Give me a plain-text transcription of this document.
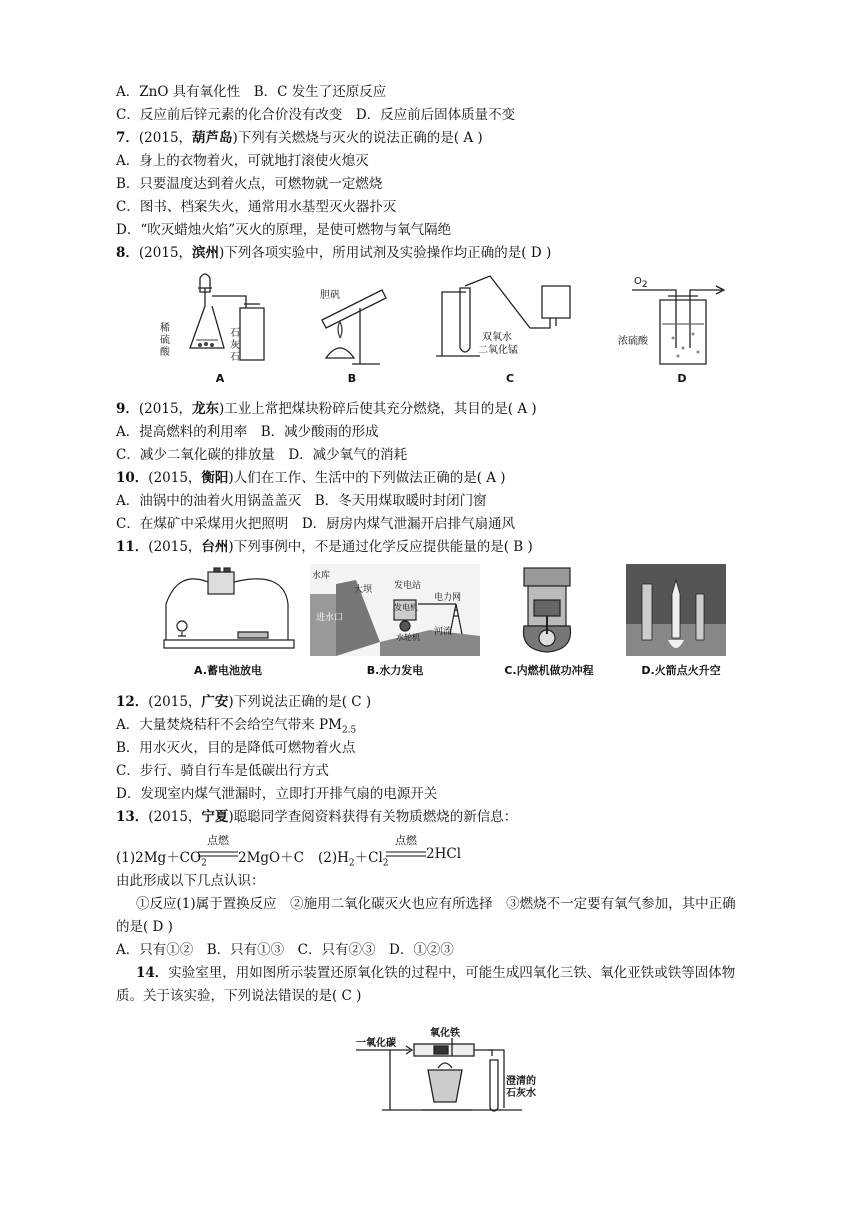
A．ZnO 具有氧化性　 B．C 发生了还原反应
C．反应前后锌元素的化合价没有改变　 D．反应前后固体质量不变
7．(2015，葫芦岛)下列有关燃烧与灭火的说法正确的是( A )
A．身上的衣物着火，可就地打滚使火熄灭
B．只要温度达到着火点，可燃物就一定燃烧
C．图书、档案失火，通常用水基型灭火器扑灭
D．“吹灭蜡烛火焰”灭火的原理，是使可燃物与氧气隔绝
8．(2015，滨州)下列各项实验中，所用试剂及实验操作均正确的是( D )
稀
硫
酸
石
灰
石
A
胆矾
B
双氧水
二氧化锰
C
$O_2$
浓硫酸
D
9．(2015，龙东)工业上常把煤块粉碎后使其充分燃烧，其目的是( A )
A．提高燃料的利用率　B．减少酸雨的形成
C．减少二氧化碳的排放量　D．减少氧气的消耗
10．(2015，衡阳)人们在工作、生活中的下列做法正确的是( A )
A．油锅中的油着火用锅盖盖灭　B．冬天用煤取暖时封闭门窗
C．在煤矿中采煤用火把照明　D．厨房内煤气泄漏开启排气扇通风
11．(2015，台州)下列事例中，不是通过化学反应提供能量的是( B )
A.蓄电池放电
水库
大坝 发电站
电力网
发电机
进水口
水轮机
河流
B.水力发电	C.内燃机做功冲程	D.火箭点火升空
12．(2015，广安)下列说法正确的是( C )
A．大量焚烧秸秆不会给空气带来 $PM_{2.5}$
B．用水灭火，目的是降低可燃物着火点
C．步行、骑自行车是低碳出行方式
D．发现室内煤气泄漏时，立即打开排气扇的电源开关
13．(2015，宁夏)聪聪同学查阅资料获得有关物质燃烧的新信息：
$(1)2Mg+CO_2$
点燃
2MgO＋C $(2)H_2+Cl_2$
点燃
2HCl
由此形成以下几点认识：
①反应(1)属于置换反应　②施用二氧化碳灭火也应有所选择　③燃烧不一定要有氧气参加，其中正确
的是( D )
A．只有①②　B．只有①③　C．只有②③　D．①②③
14．实验室里，用如图所示装置还原氧化铁的过程中，可能生成四氧化三铁、氧化亚铁或铁等固体物
质。关于该实验，下列说法错误的是( C )
一氧化碳
氧化铁
澄清的
石灰水
